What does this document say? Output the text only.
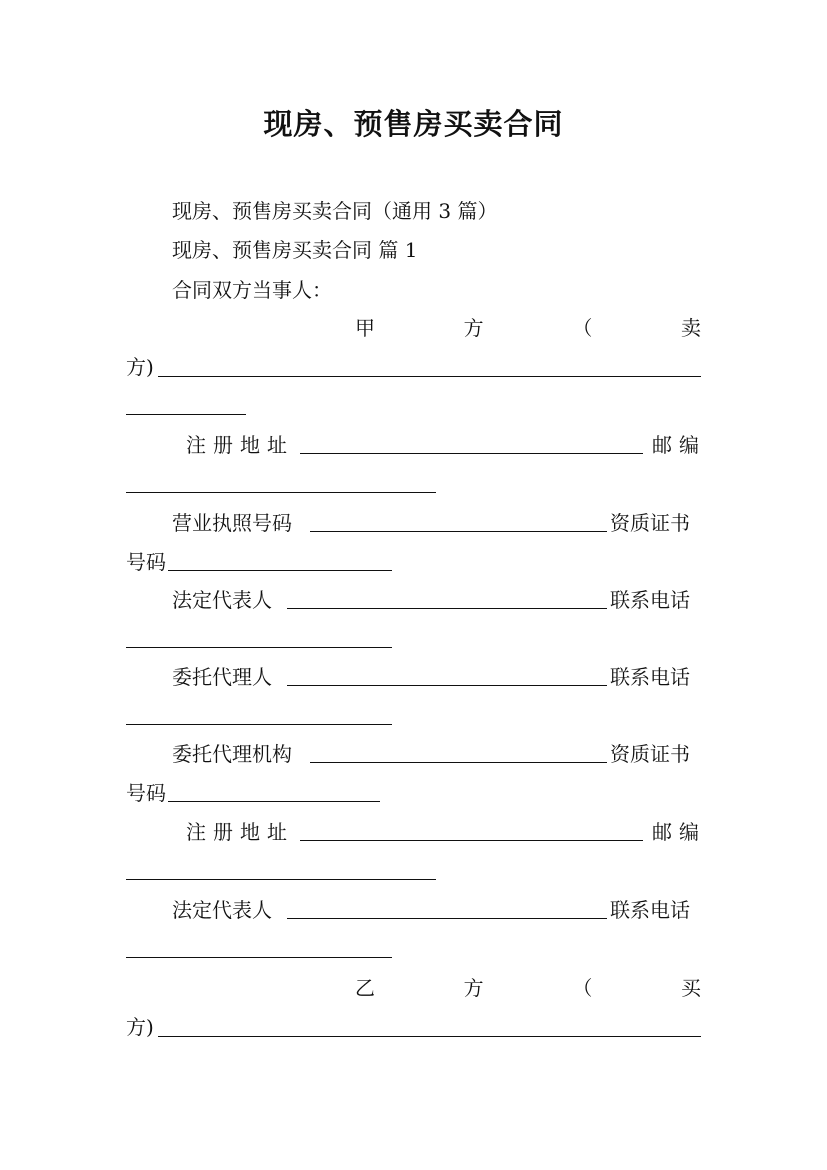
现房、预售房买卖合同
现房、预售房买卖合同（通用 3 篇）
现房、预售房买卖合同 篇 1
合同双方当事人：
甲	方	（	卖
方)
注册地址	邮编
营业执照号码	资质证书
号码
法定代表人	联系电话
委托代理人	联系电话
委托代理机构	资质证书
号码
注册地址	邮编
法定代表人	联系电话
乙	方	（	买
方)
